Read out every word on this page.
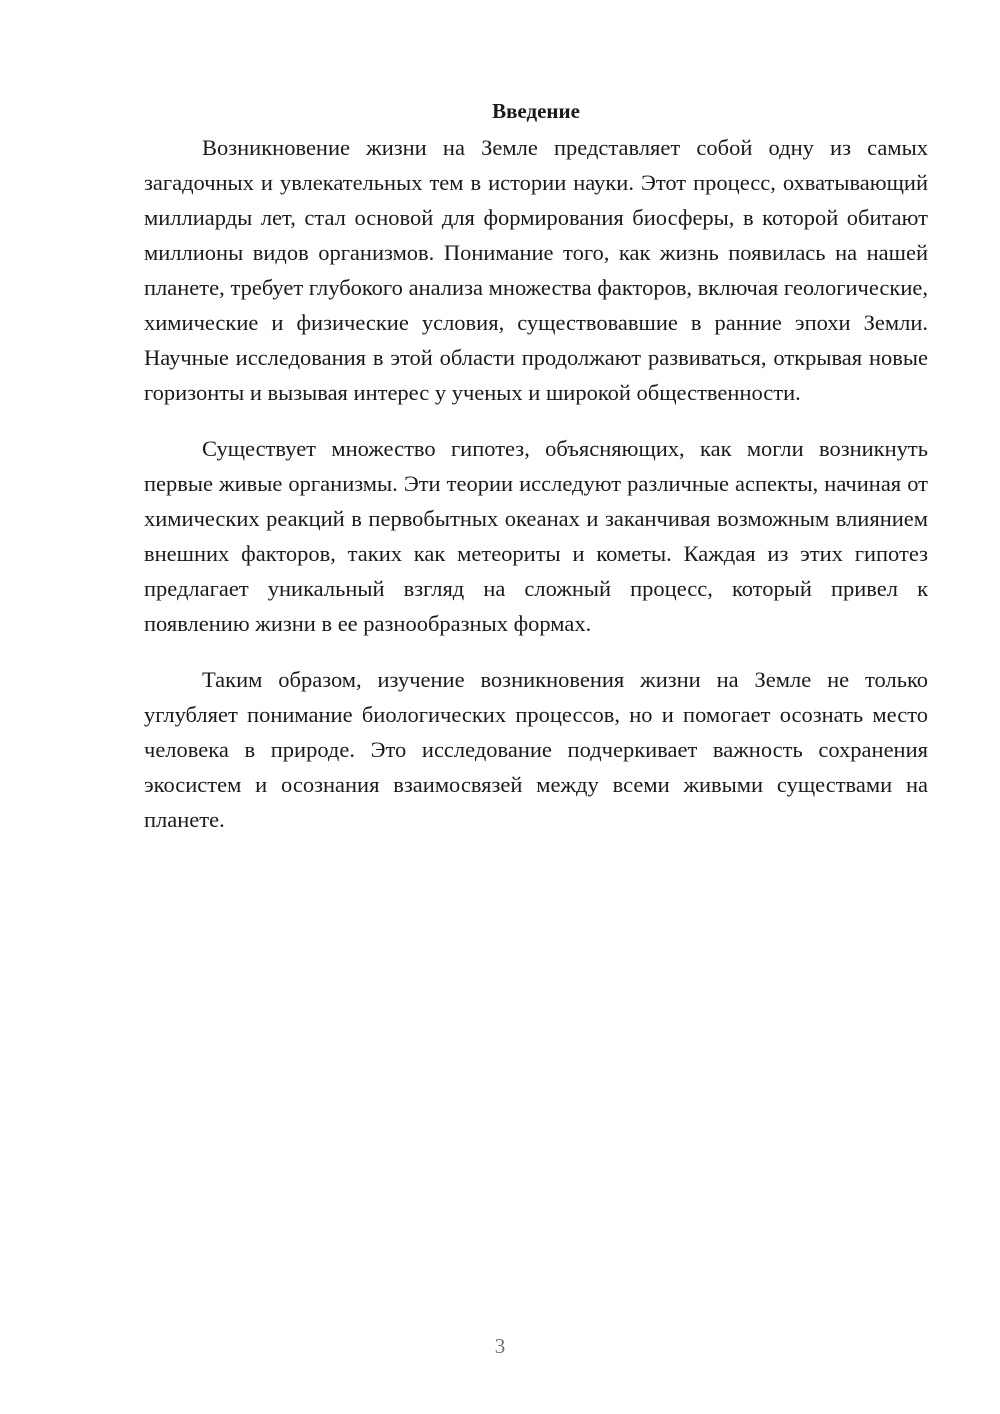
Введение

Возникновение жизни на Земле представляет собой одну из самых загадочных и увлекательных тем в истории науки. Этот процесс, охватывающий миллиарды лет, стал основой для формирования биосферы, в которой обитают миллионы видов организмов. Понимание того, как жизнь появилась на нашей планете, требует глубокого анализа множества факторов, включая геологические, химические и физические условия, существовавшие в ранние эпохи Земли. Научные исследования в этой области продолжают развиваться, открывая новые горизонты и вызывая интерес у ученых и широкой общественности.

Существует множество гипотез, объясняющих, как могли возникнуть первые живые организмы. Эти теории исследуют различные аспекты, начиная от химических реакций в первобытных океанах и заканчивая возможным влиянием внешних факторов, таких как метеориты и кометы. Каждая из этих гипотез предлагает уникальный взгляд на сложный процесс, который привел к появлению жизни в ее разнообразных формах.

Таким образом, изучение возникновения жизни на Земле не только углубляет понимание биологических процессов, но и помогает осознать место человека в природе. Это исследование подчеркивает важность сохранения экосистем и осознания взаимосвязей между всеми живыми существами на планете.

3
